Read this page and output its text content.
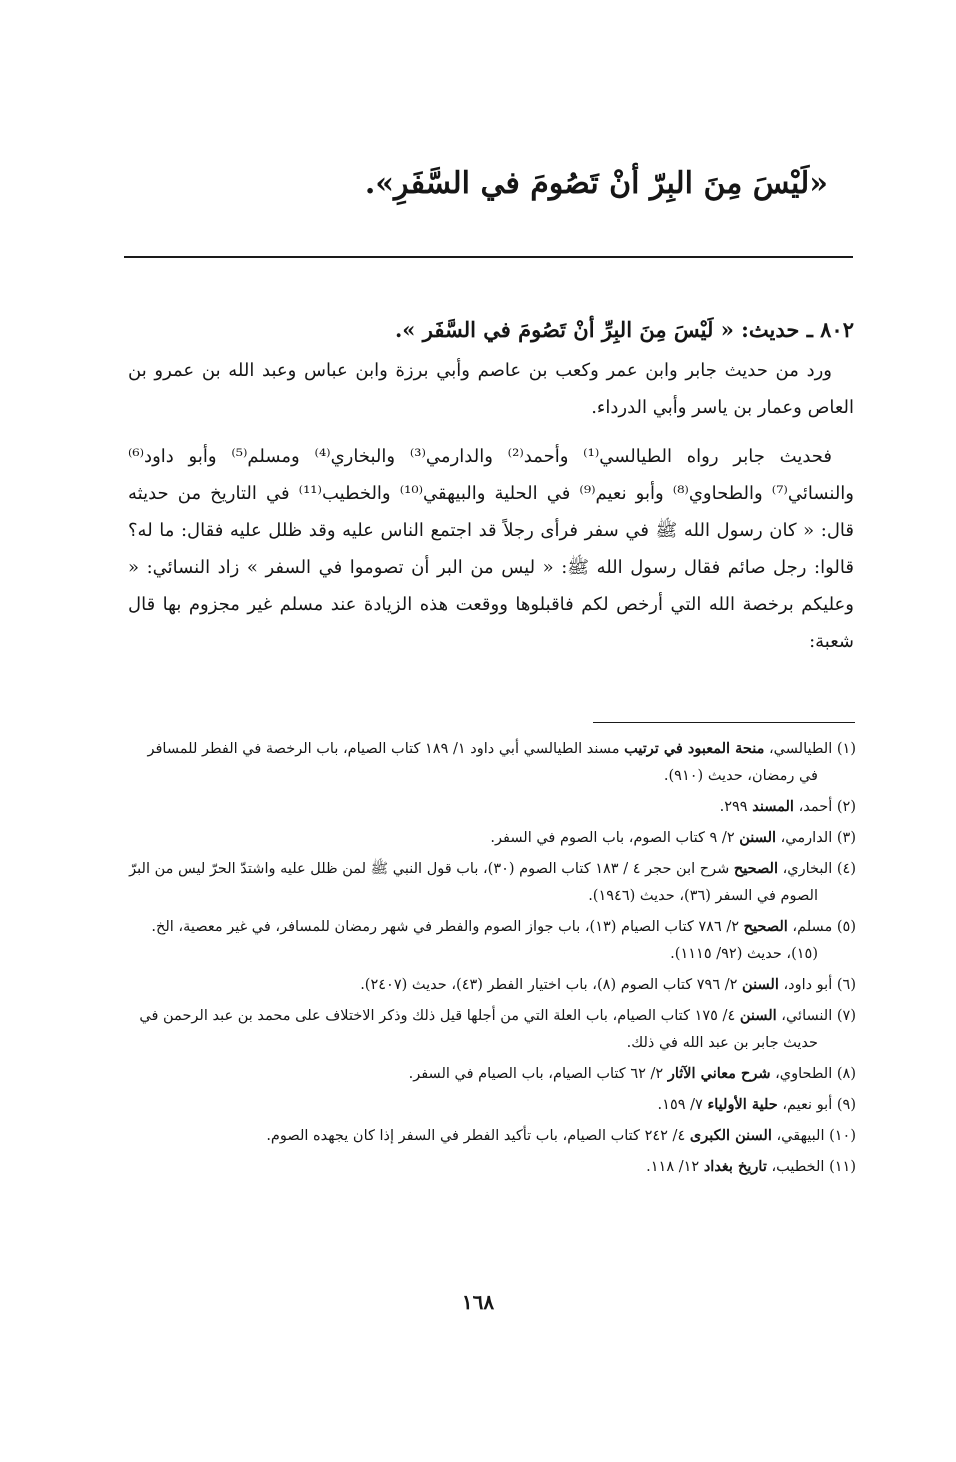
«لَيْسَ مِنَ البِرّ أنْ تَصُومَ في السَّفَرِ».

٨٠٢ ـ حديث: « لَيْسَ مِنَ البِرِّ أنْ تَصُومَ في السَّفَر ».

ورد من حديث جابر وابن عمر وكعب بن عاصم وأبي برزة وابن عباس وعبد الله بن عمرو بن العاص وعمار بن ياسر وأبي الدرداء.

فحديث جابر رواه الطيالسي⁽¹⁾ وأحمد⁽²⁾ والدارمي⁽³⁾ والبخاري⁽⁴⁾ ومسلم⁽⁵⁾ وأبو داود⁽⁶⁾ والنسائي⁽⁷⁾ والطحاوي⁽⁸⁾ وأبو نعيم⁽⁹⁾ في الحلية والبيهقي⁽¹⁰⁾ والخطيب⁽¹¹⁾ في التاريخ من حديثه قال: « كان رسول الله ﷺ في سفر فرأى رجلاً قد اجتمع الناس عليه وقد ظلل عليه فقال: ما له؟ قالوا: رجل صائم فقال رسول الله ﷺ: « ليس من البر أن تصوموا في السفر » زاد النسائي: « وعليكم برخصة الله التي أرخص لكم فاقبلوها ووقعت هذه الزيادة عند مسلم غير مجزوم بها قال شعبة:

(١) الطيالسي، منحة المعبود في ترتيب مسند الطيالسي أبي داود ١/ ١٨٩ كتاب الصيام، باب الرخصة في الفطر للمسافر في رمضان، حديث (٩١٠).

(٢) أحمد، المسند ٢٩٩.

(٣) الدارمي، السنن ٢/ ٩ كتاب الصوم، باب الصوم في السفر.

(٤) البخاري، الصحيح شرح ابن حجر ٤ / ١٨٣ كتاب الصوم (٣٠)، باب قول النبي ﷺ لمن ظلل عليه واشتدّ الحرّ ليس من البرّ الصوم في السفر (٣٦)، حديث (١٩٤٦).

(٥) مسلم، الصحيح ٢/ ٧٨٦ كتاب الصيام (١٣)، باب جواز الصوم والفطر في شهر رمضان للمسافر، في غير معصية، الخ. (١٥)، حديث (٩٢/ ١١١٥).

(٦) أبو داود، السنن ٢/ ٧٩٦ كتاب الصوم (٨)، باب اختيار الفطر (٤٣)، حديث (٢٤٠٧).

(٧) النسائي، السنن ٤/ ١٧٥ كتاب الصيام، باب العلة التي من أجلها قيل ذلك وذكر الاختلاف على محمد بن عبد الرحمن في حديث جابر بن عبد الله في ذلك.

(٨) الطحاوي، شرح معاني الآثار ٢/ ٦٢ كتاب الصيام، باب الصيام في السفر.

(٩) أبو نعيم، حلية الأولياء ٧/ ١٥٩.

(١٠) البيهقي، السنن الكبرى ٤/ ٢٤٢ كتاب الصيام، باب تأكيد الفطر في السفر إذا كان يجهده الصوم.

(١١) الخطيب، تاريخ بغداد ١٢/ ١١٨.

١٦٨
